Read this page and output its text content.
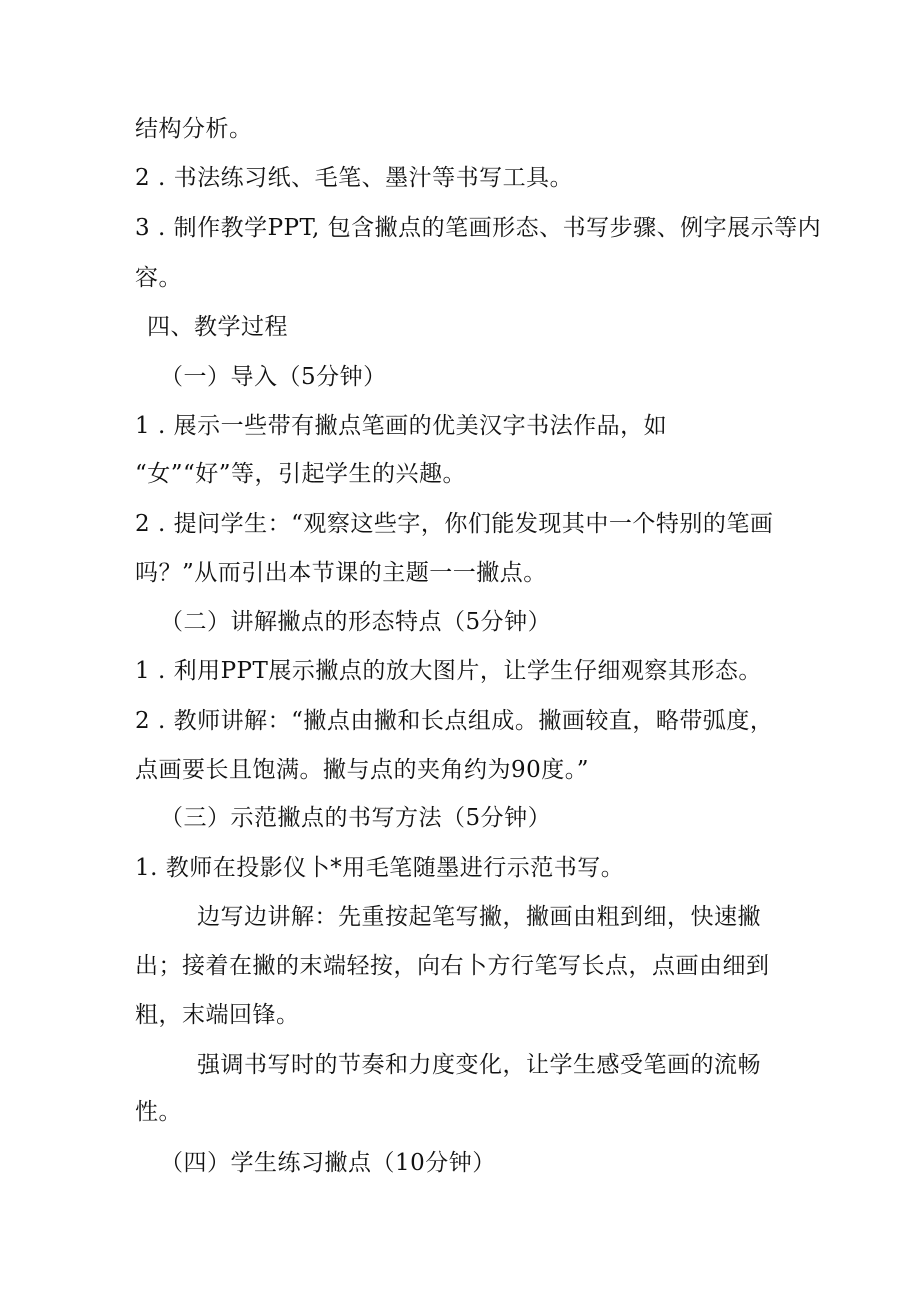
结构分析。

2 . 书法练习纸、毛笔、墨汁等书写工具。

3 . 制作教学PPT, 包含撇点的笔画形态、书写步骤、例字展示等内

容。

四、教学过程

（一）导入（5分钟）

1 . 展示一些带有撇点笔画的优美汉字书法作品，如

“女”“好”等，引起学生的兴趣。

2 . 提问学生：“观察这些字，你们能发现其中一个特别的笔画

吗？”从而引出本节课的主题一一撇点。

（二）讲解撇点的形态特点（5分钟）

1 . 利用PPT展示撇点的放大图片，让学生仔细观察其形态。

2 . 教师讲解：“撇点由撇和长点组成。撇画较直，略带弧度，

点画要长且饱满。撇与点的夹角约为90度。”

（三）示范撇点的书写方法（5分钟）

1. 教师在投影仪卜*用毛笔随墨进行示范书写。

边写边讲解：先重按起笔写撇，撇画由粗到细，快速撇

出；接着在撇的末端轻按，向右卜方行笔写长点，点画由细到

粗，末端回锋。

强调书写时的节奏和力度变化，让学生感受笔画的流畅

性。

（四）学生练习撇点（10分钟）
